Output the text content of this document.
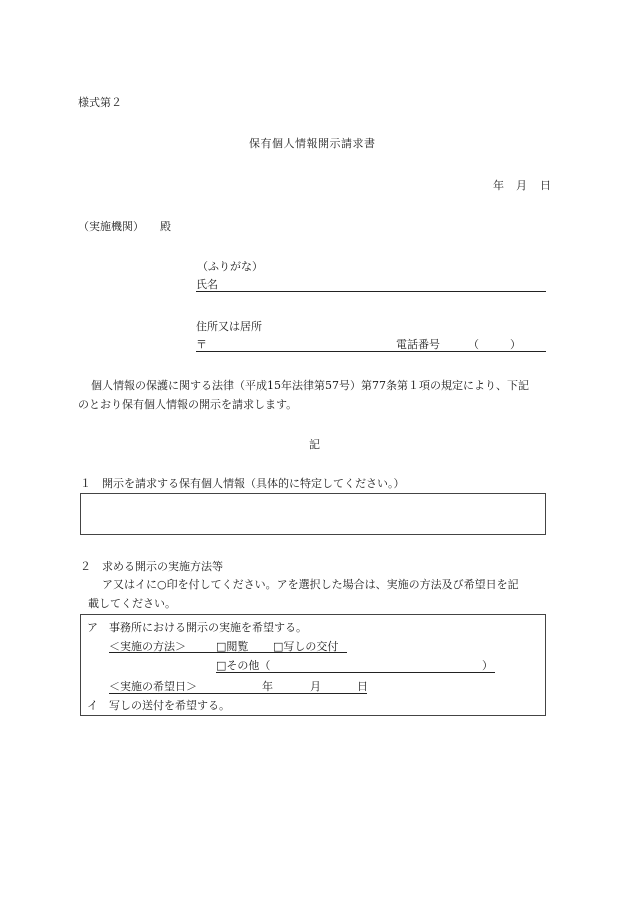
様式第２
保有個人情報開示請求書
年 月 日
（実施機関） 殿
（ふりがな）
氏名
住所又は居所
〒	電話番号	（	）
個人情報の保護に関する法律（平成15年法律第57号）第77条第１項の規定により、下記
のとおり保有個人情報の開示を請求します。
記
１ 開示を請求する保有個人情報（具体的に特定してください。）
２ 求める開示の実施方法等
ア又はイに○印を付してください。アを選択した場合は、実施の方法及び希望日を記
載してください。
ア 事務所における開示の実施を希望する。
＜実施の方法＞	□閲覧 □写しの交付
□その他（	）
＜実施の希望日＞	年	月	日
イ 写しの送付を希望する。
